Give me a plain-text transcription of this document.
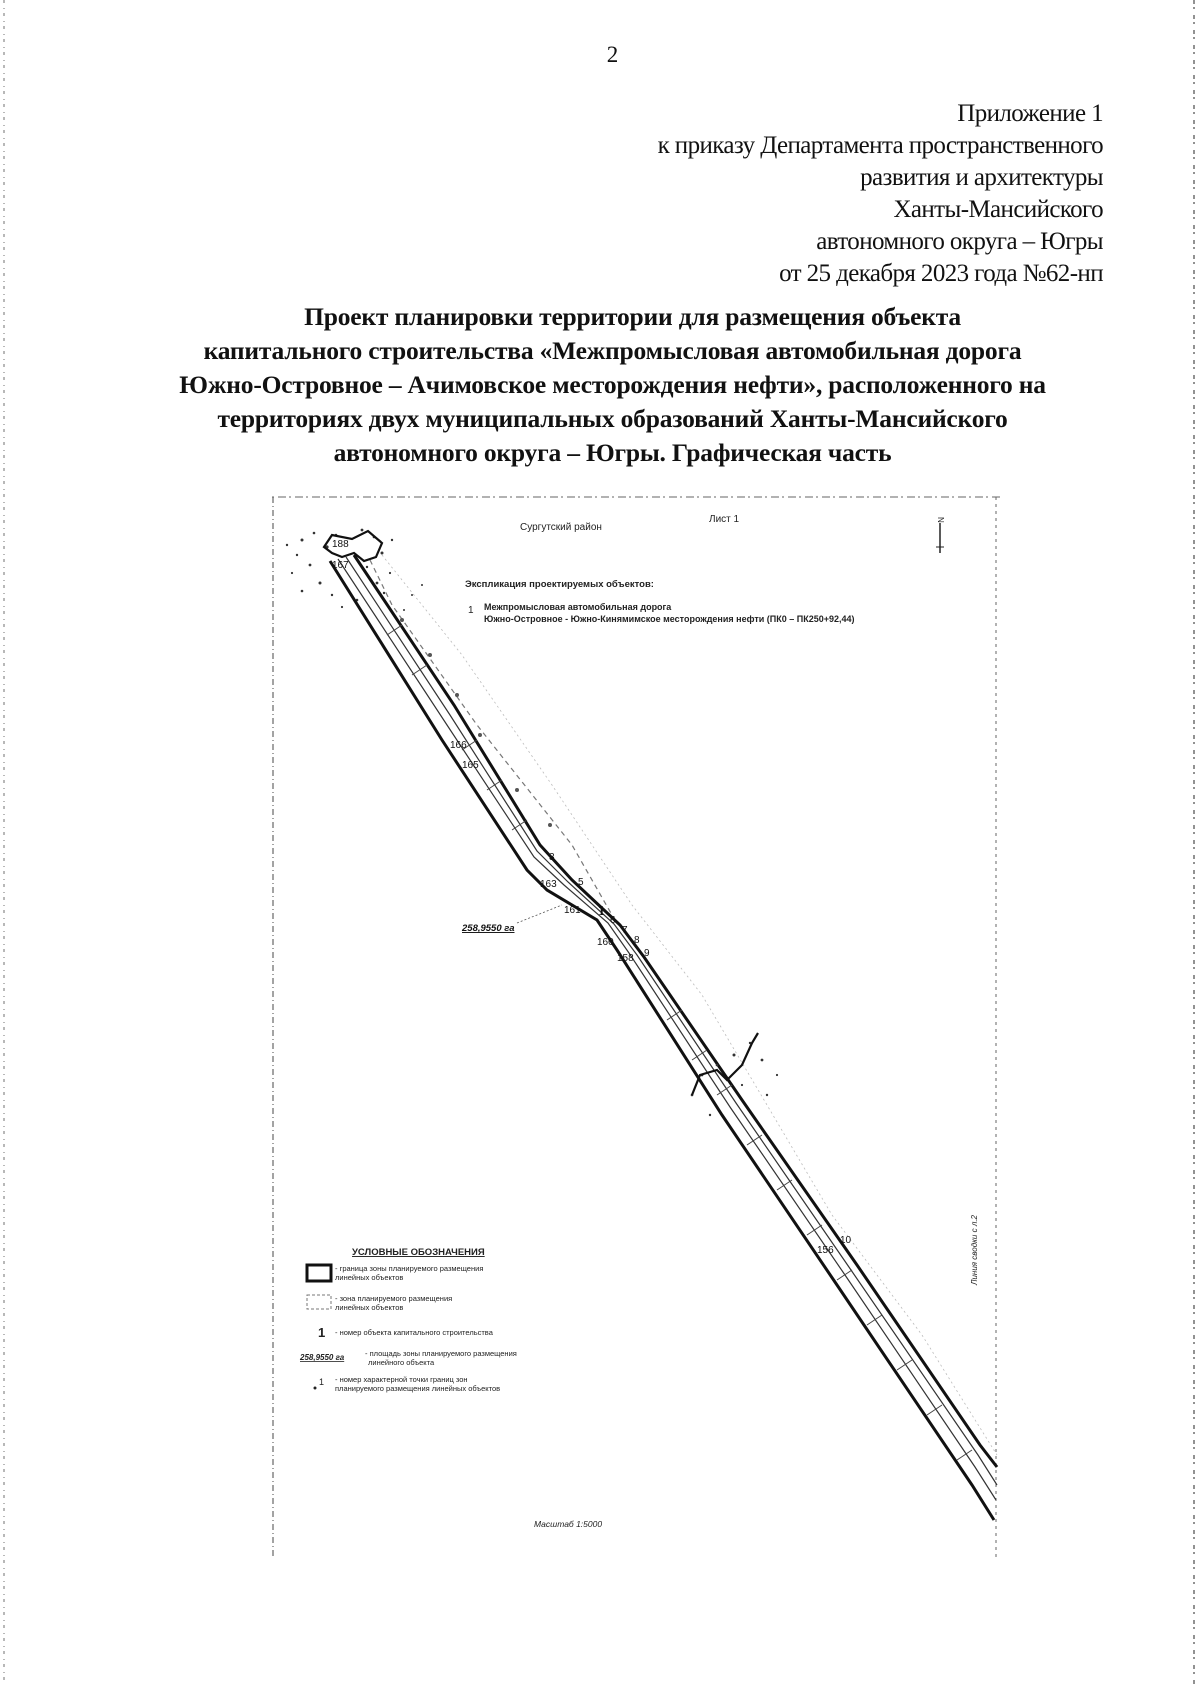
2
Приложение 1
к приказу Департамента пространственного
развития и архитектуры
Ханты-Мансийского
автономного округа – Югры
от 25 декабря 2023 года №62-нп
Проект планировки территории для размещения объекта
капитального строительства «Межпромысловая автомобильная дорога
Южно-Островное – Ачимовское месторождения нефти», расположенного на
территориях двух муниципальных образований Ханты-Мансийского
автономного округа – Югры. Графическая часть
Сургутский район
Лист 1	N
Экспликация проектируемых объектов:
1 Межпромысловая автомобильная дорога
Южно-Островное - Южно-Кинямимское месторождения нефти (ПК0 – ПК250+92,44)
188
167
166
165
163
161
160
158
156
3
5
6
7
8
9
10
258,9550 га
1
УСЛОВНЫЕ ОБОЗНАЧЕНИЯ
- граница зоны планируемого размещения
линейных объектов
- зона планируемого размещения
линейных объектов
1 - номер объекта капитального строительства
258,9550 га	- площадь зоны планируемого размещения
линейного объекта
1 - номер характерной точки границ зон
планируемого размещения линейных объектов
Масштаб 1:5000
Линия сводки с л.2
